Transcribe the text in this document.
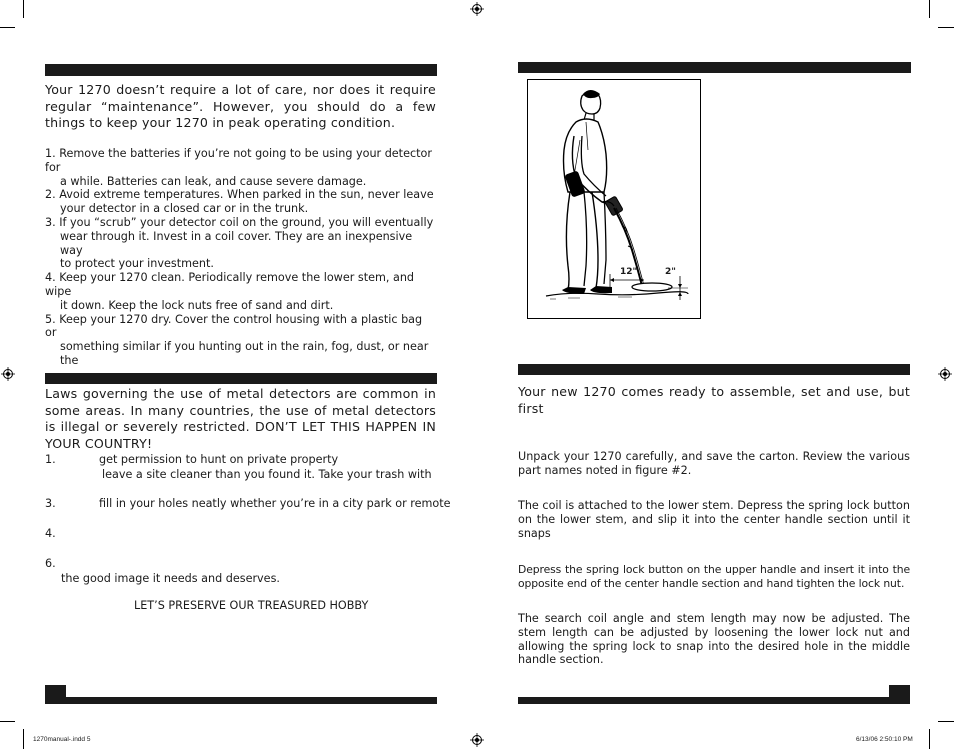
Your 1270 doesn’t require a lot of care, nor does it require regular “maintenance”. However, you should do a few things to keep your 1270 in peak operating condition.
1. Remove the batteries if you’re not going to be using your detector for
a while. Batteries can leak, and cause severe damage.
2. Avoid extreme temperatures. When parked in the sun, never leave
your detector in a closed car or in the trunk.
3. If you “scrub” your detector coil on the ground, you will eventually
wear through it. Invest in a coil cover. They are an inexpensive way
to protect your investment.
4. Keep your 1270 clean. Periodically remove the lower stem, and wipe
it down. Keep the lock nuts free of sand and dirt.
5. Keep your 1270 dry. Cover the control housing with a plastic bag or
something similar if you hunting out in the rain, fog, dust, or near the
Laws governing the use of metal detectors are common in some areas. In many countries, the use of metal detectors is illegal or severely restricted. DON’T LET THIS HAPPEN IN YOUR COUNTRY!
1.	get permission to hunt on private property
leave a site cleaner than you found it. Take your trash with
3.	fill in your holes neatly whether you’re in a city park or remote
4.
6.
the good image it needs and deserves.
LET’S PRESERVE OUR TREASURED HOBBY
12"	2"
Your new 1270 comes ready to assemble, set and use, but first
Unpack your 1270 carefully, and save the carton. Review the various part names noted in figure #2.
The coil is attached to the lower stem. Depress the spring lock button on the lower stem, and slip it into the center handle section until it snaps
Depress the spring lock button on the upper handle and insert it into the opposite end of the center handle section and hand tighten the lock nut.
The search coil angle and stem length may now be adjusted. The stem length can be adjusted by loosening the lower lock nut and allowing the spring lock to snap into the desired hole in the middle handle section.
1270manual-.indd 5	6/13/06 2:50:10 PM
